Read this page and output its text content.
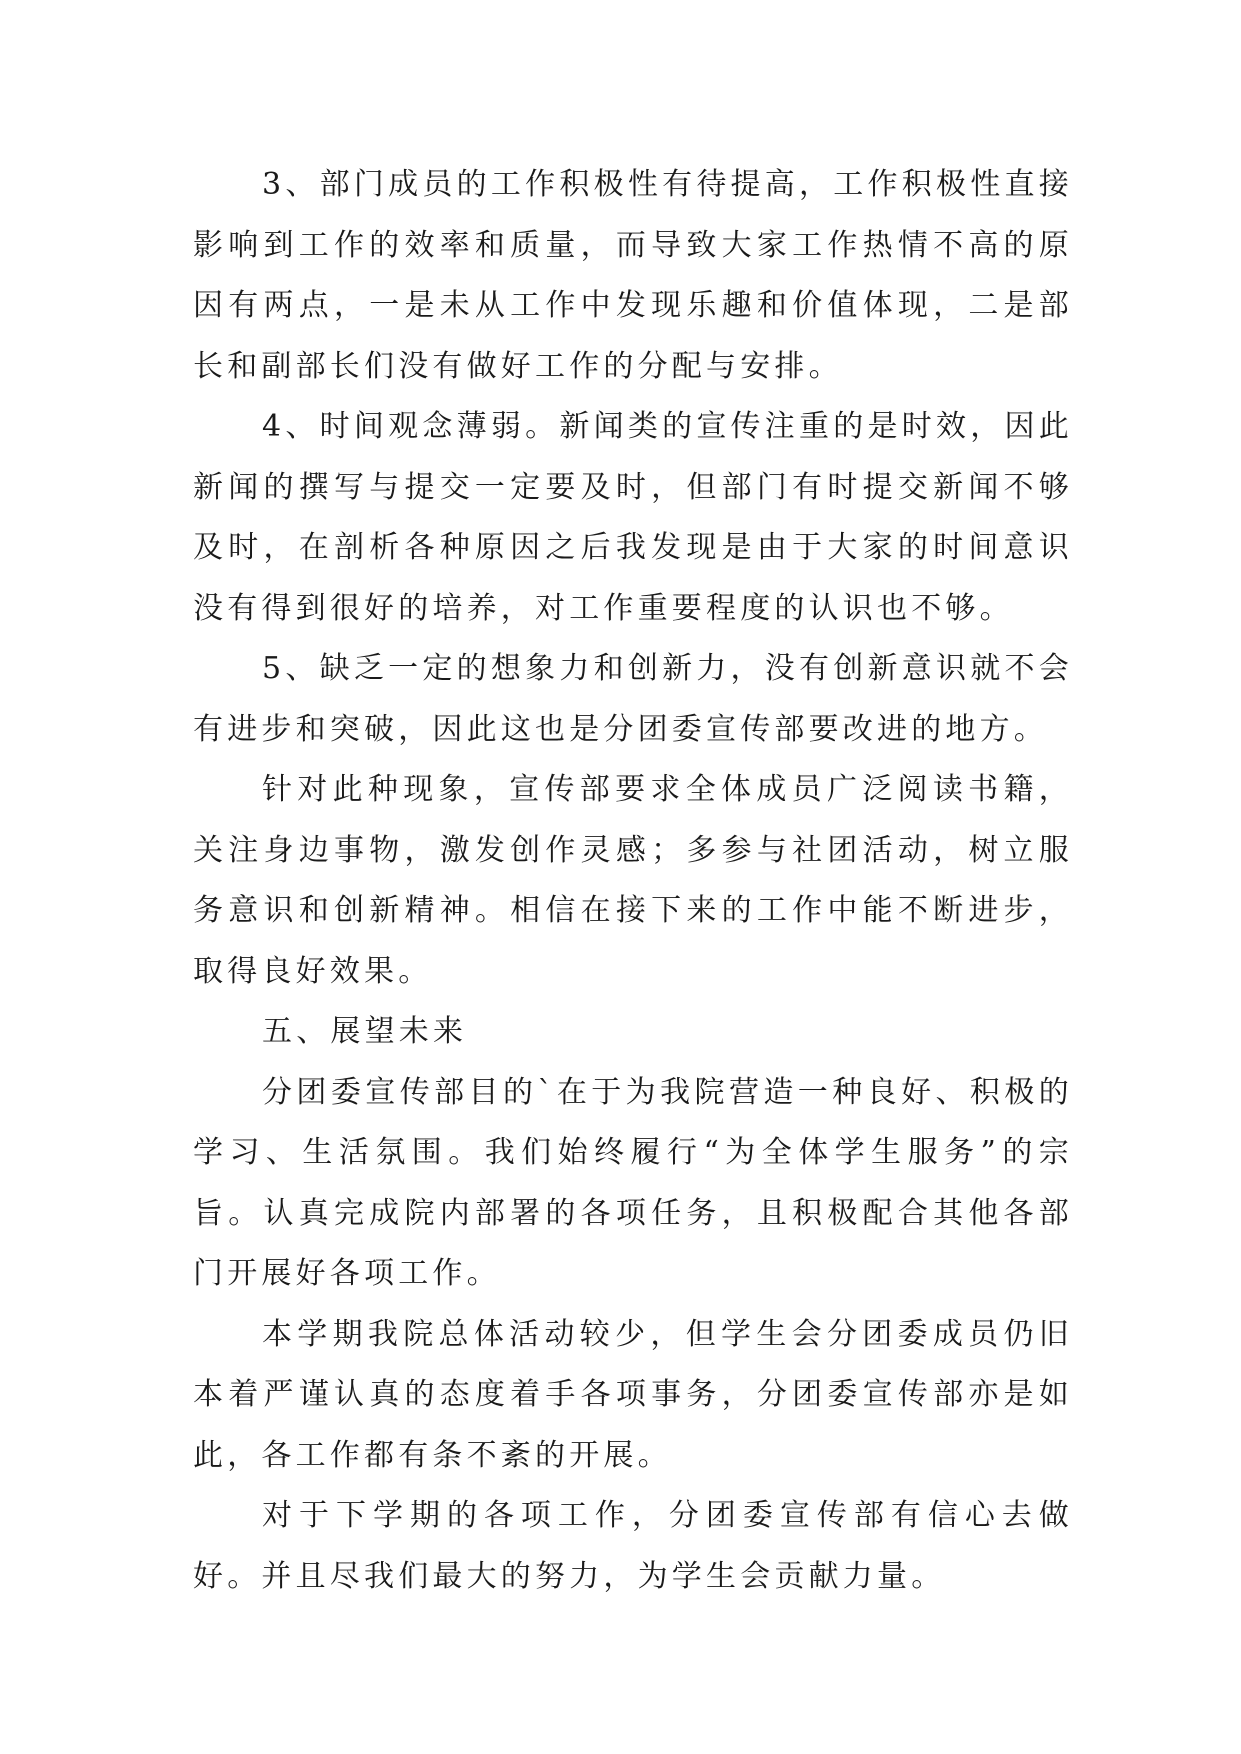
3、部门成员的工作积极性有待提高，工作积极性直接影响到工作的效率和质量，而导致大家工作热情不高的原因有两点，一是未从工作中发现乐趣和价值体现，二是部长和副部长们没有做好工作的分配与安排。

4、时间观念薄弱。新闻类的宣传注重的是时效，因此新闻的撰写与提交一定要及时，但部门有时提交新闻不够及时，在剖析各种原因之后我发现是由于大家的时间意识没有得到很好的培养，对工作重要程度的认识也不够。

5、缺乏一定的想象力和创新力，没有创新意识就不会有进步和突破，因此这也是分团委宣传部要改进的地方。

针对此种现象，宣传部要求全体成员广泛阅读书籍，关注身边事物，激发创作灵感；多参与社团活动，树立服务意识和创新精神。相信在接下来的工作中能不断进步，取得良好效果。

五、展望未来

分团委宣传部目的`在于为我院营造一种良好、积极的学习、生活氛围。我们始终履行“为全体学生服务”的宗旨。认真完成院内部署的各项任务，且积极配合其他各部门开展好各项工作。

本学期我院总体活动较少，但学生会分团委成员仍旧本着严谨认真的态度着手各项事务，分团委宣传部亦是如此，各工作都有条不紊的开展。

对于下学期的各项工作，分团委宣传部有信心去做好。并且尽我们最大的努力，为学生会贡献力量。
